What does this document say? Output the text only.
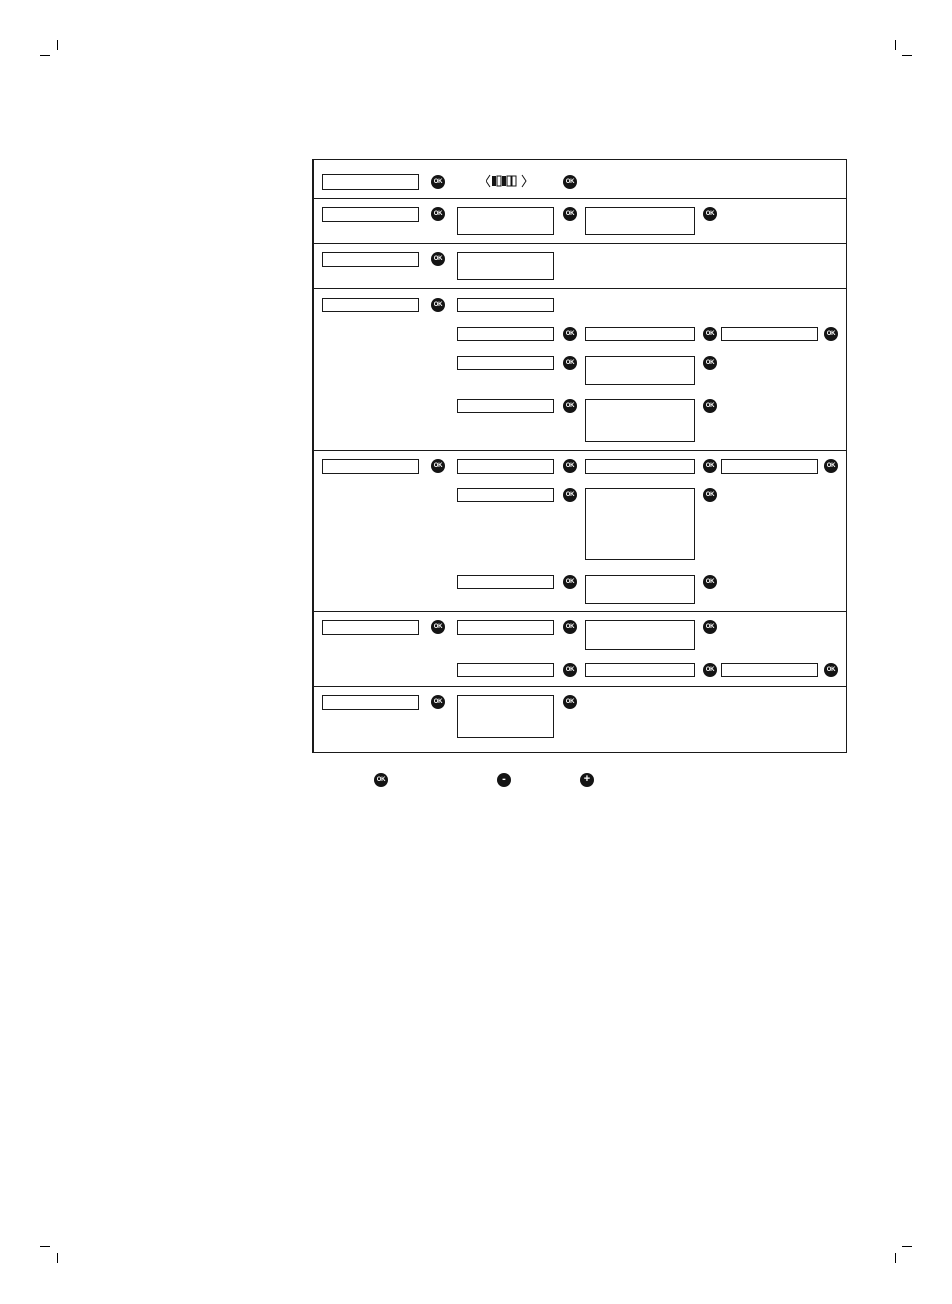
OK	OK
OK	OK	OK
OK
OK
OK	OK	OK
OK	OK
OK	OK
OK	OK	OK	OK
OK	OK
OK	OK
OK	OK	OK
OK	OK	OK
OK	OK
OK	-	+
